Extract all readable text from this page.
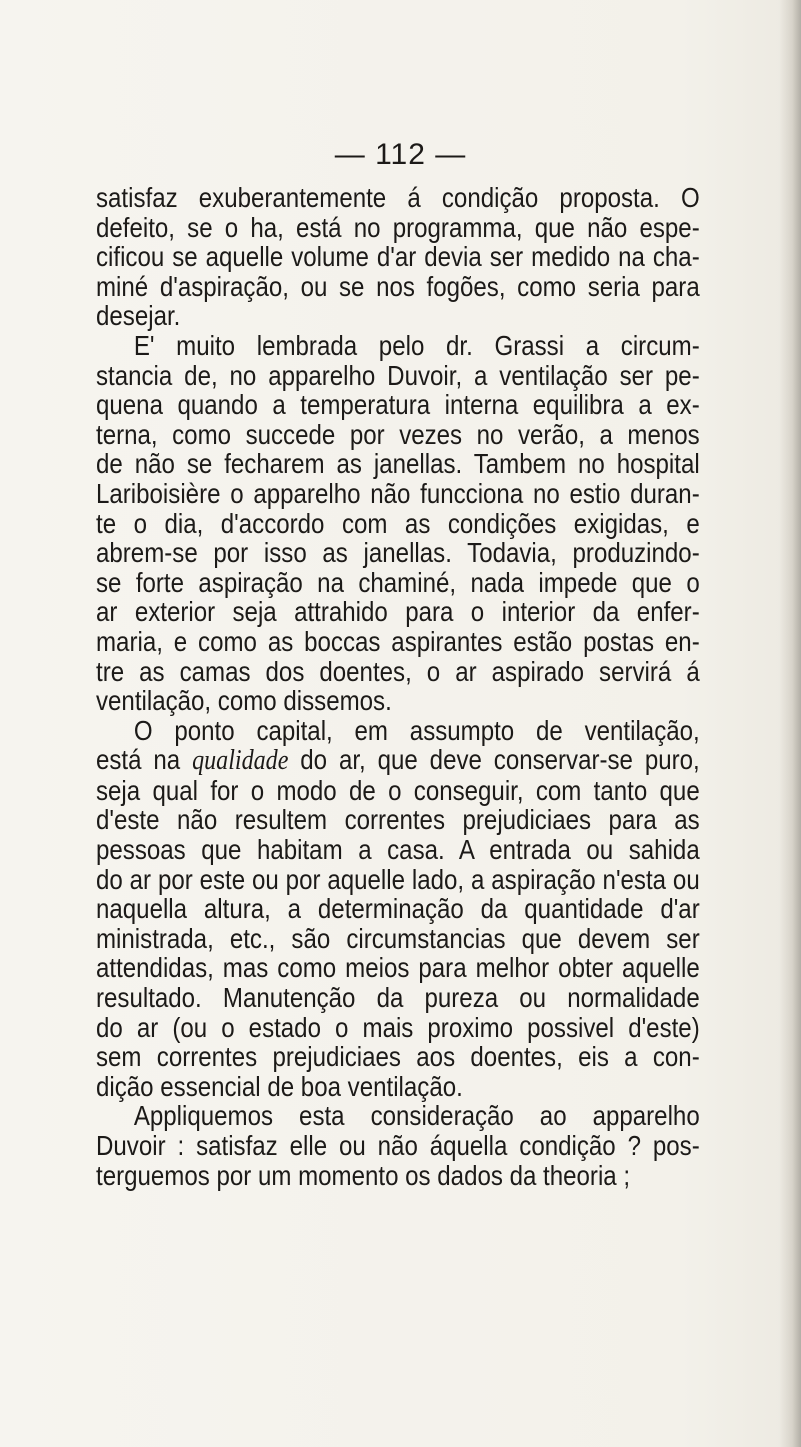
— 112 —
satisfaz exuberantemente á condição proposta. O
defeito, se o ha, está no programma, que não espe-
cificou se aquelle volume d'ar devia ser medido na cha-
miné d'aspiração, ou se nos fogões, como seria para
desejar.
E' muito lembrada pelo dr. Grassi a circum-
stancia de, no apparelho Duvoir, a ventilação ser pe-
quena quando a temperatura interna equilibra a ex-
terna, como succede por vezes no verão, a menos
de não se fecharem as janellas. Tambem no hospital
Lariboisière o apparelho não funcciona no estio duran-
te o dia, d'accordo com as condições exigidas, e
abrem-se por isso as janellas. Todavia, produzindo-
se forte aspiração na chaminé, nada impede que o
ar exterior seja attrahido para o interior da enfer-
maria, e como as boccas aspirantes estão postas en-
tre as camas dos doentes, o ar aspirado servirá á
ventilação, como dissemos.
O ponto capital, em assumpto de ventilação,
está na qualidade do ar, que deve conservar-se puro,
seja qual for o modo de o conseguir, com tanto que
d'este não resultem correntes prejudiciaes para as
pessoas que habitam a casa. A entrada ou sahida
do ar por este ou por aquelle lado, a aspiração n'esta ou
naquella altura, a determinação da quantidade d'ar
ministrada, etc., são circumstancias que devem ser
attendidas, mas como meios para melhor obter aquelle
resultado. Manutenção da pureza ou normalidade
do ar (ou o estado o mais proximo possivel d'este)
sem correntes prejudiciaes aos doentes, eis a con-
dição essencial de boa ventilação.
Appliquemos esta consideração ao apparelho
Duvoir : satisfaz elle ou não áquella condição ? pos-
terguemos por um momento os dados da theoria ;
